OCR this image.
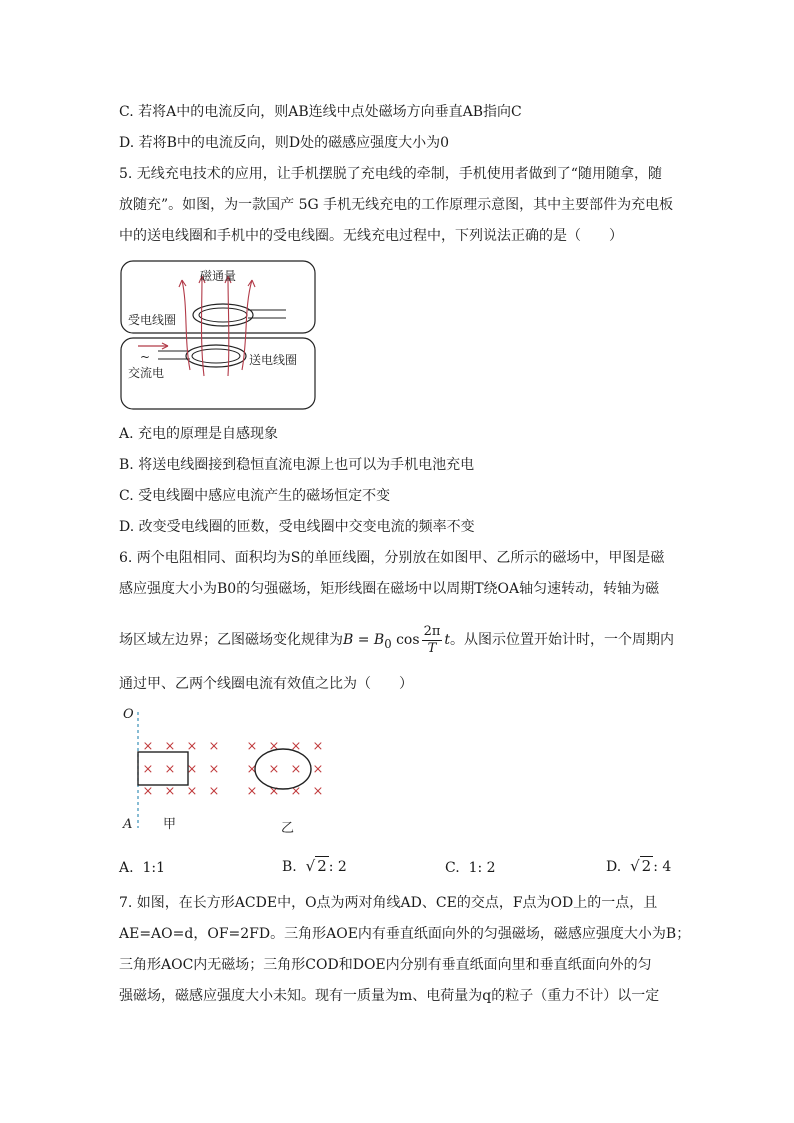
C. 若将A中的电流反向，则AB连线中点处磁场方向垂直AB指向C
D. 若将B中的电流反向，则D处的磁感应强度大小为0
5. 无线充电技术的应用，让手机摆脱了充电线的牵制，手机使用者做到了“随用随拿，随
放随充”。如图，为一款国产 5G 手机无线充电的工作原理示意图，其中主要部件为充电板
中的送电线圈和手机中的受电线圈。无线充电过程中，下列说法正确的是（　　）
磁通量
受电线圈
送电线圈
~
交流电
A. 充电的原理是自感现象
B. 将送电线圈接到稳恒直流电源上也可以为手机电池充电
C. 受电线圈中感应电流产生的磁场恒定不变
D. 改变受电线圈的匝数，受电线圈中交变电流的频率不变
6. 两个电阻相同、面积均为S的单匝线圈，分别放在如图甲、乙所示的磁场中，甲图是磁
感应强度大小为B0的匀强磁场，矩形线圈在磁场中以周期T绕OA轴匀速转动，转轴为磁
场区域左边界；乙图磁场变化规律为$B = B_0$ $\cos \frac{2\pi}{T}$ t。从图示位置开始计时，一个周期内
通过甲、乙两个线圈电流有效值之比为（　　）
O
A
× × × ×
× × × ×
× × × ×
× × × ×
× × × ×
× × × ×
甲	乙
A. 1:1	B. √ 2 : 2	C. 1: 2	D. √ 2 : 4
7. 如图，在长方形ACDE中，O点为两对角线AD、CE的交点，F点为OD上的一点，且
AE=AO=d，OF=2FD。三角形AOE内有垂直纸面向外的匀强磁场，磁感应强度大小为B；
三角形AOC内无磁场；三角形COD和DOE内分别有垂直纸面向里和垂直纸面向外的匀
强磁场，磁感应强度大小未知。现有一质量为m、电荷量为q的粒子（重力不计）以一定
